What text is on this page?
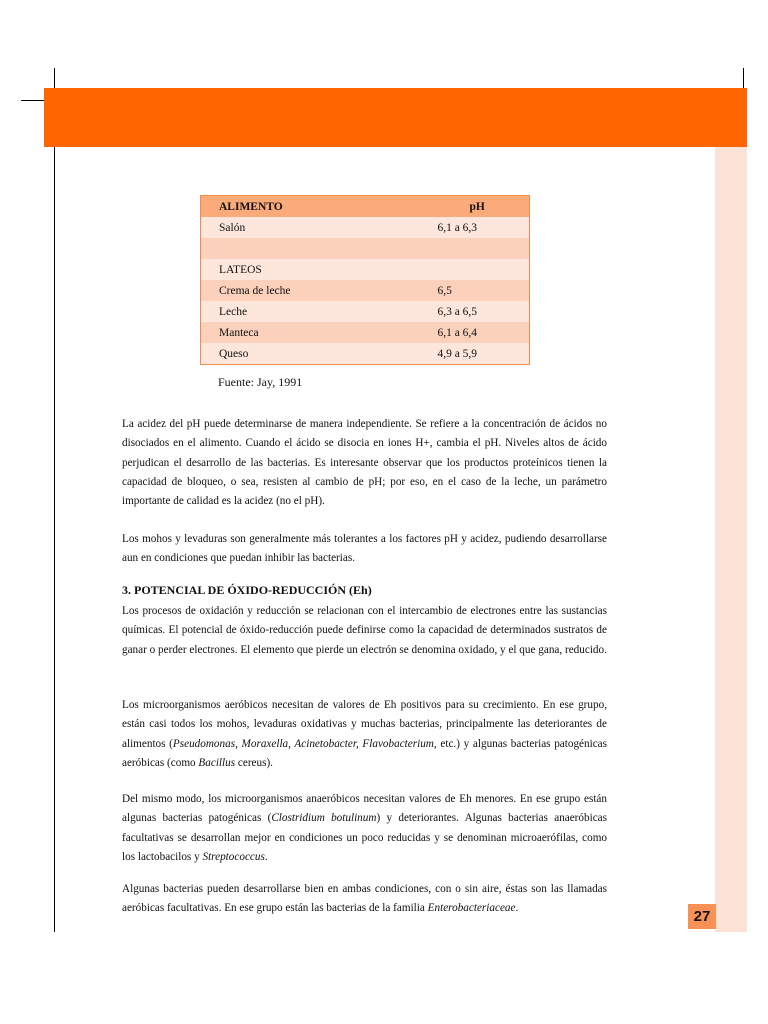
ALIMENTO	pH
Salón	6,1 a 6,3

LATEOS	
Crema de leche	6,5
Leche	6,3 a 6,5
Manteca	6,1 a 6,4
Queso	4,9 a 5,9
Fuente: Jay, 1991

La acidez del pH puede determinarse de manera independiente. Se refiere a la concentración de ácidos no disociados en el alimento. Cuando el ácido se disocia en iones H+, cambia el pH. Niveles altos de ácido perjudican el desarrollo de las bacterias. Es interesante observar que los productos proteínicos tienen la capacidad de bloqueo, o sea, resisten al cambio de pH; por eso, en el caso de la leche, un parámetro importante de calidad es la acidez (no el pH).

Los mohos y levaduras son generalmente más tolerantes a los factores pH y acidez, pudiendo desarrollarse aun en condiciones que puedan inhibir las bacterias.

3. POTENCIAL DE ÓXIDO-REDUCCIÓN (Eh)

Los procesos de oxidación y reducción se relacionan con el intercambio de electrones entre las sustancias químicas. El potencial de óxido-reducción puede definirse como la capacidad de determinados sustratos de ganar o perder electrones. El elemento que pierde un electrón se denomina oxidado, y el que gana, reducido.

Los microorganismos aeróbicos necesitan de valores de Eh positivos para su crecimiento. En ese grupo, están casi todos los mohos, levaduras oxidativas y muchas bacterias, principalmente las deteriorantes de alimentos (Pseudomonas, Moraxella, Acinetobacter, Flavobacterium, etc.) y algunas bacterias patogénicas aeróbicas (como Bacillus cereus).

Del mismo modo, los microorganismos anaeróbicos necesitan valores de Eh menores. En ese grupo están algunas bacterias patogénicas (Clostridium botulinum) y deteriorantes. Algunas bacterias anaeróbicas facultativas se desarrollan mejor en condiciones un poco reducidas y se denominan microaerófilas, como los lactobacilos y Streptococcus.

Algunas bacterias pueden desarrollarse bien en ambas condiciones, con o sin aire, éstas son las llamadas aeróbicas facultativas. En ese grupo están las bacterias de la familia Enterobacteriaceae.	27
